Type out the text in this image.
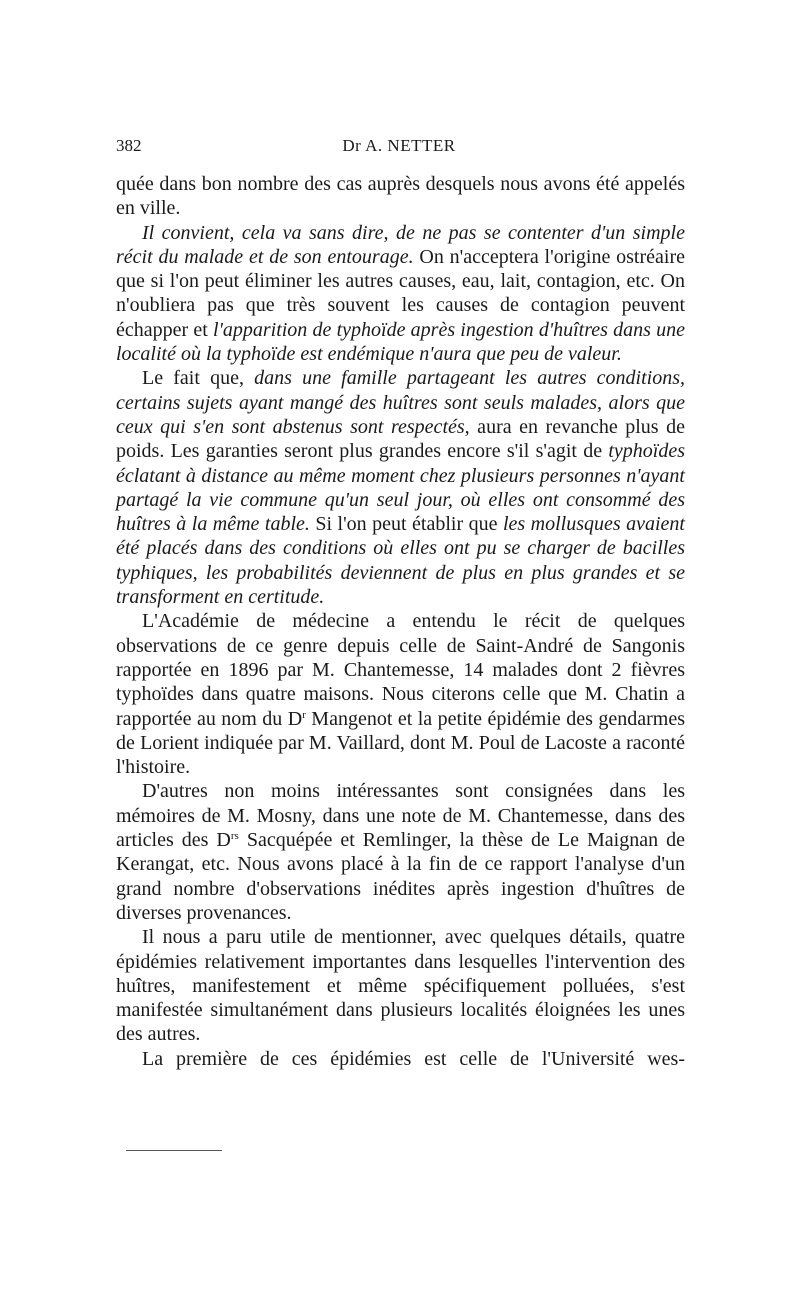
382	Dr A. NETTER

quée dans bon nombre des cas auprès desquels nous avons été appelés en ville.

Il convient, cela va sans dire, de ne pas se contenter d'un simple récit du malade et de son entourage. On n'acceptera l'origine ostréaire que si l'on peut éliminer les autres causes, eau, lait, contagion, etc. On n'oubliera pas que très souvent les causes de contagion peuvent échapper et l'apparition de typhoïde après ingestion d'huîtres dans une localité où la typhoïde est endémique n'aura que peu de valeur.

Le fait que, dans une famille partageant les autres conditions, certains sujets ayant mangé des huîtres sont seuls malades, alors que ceux qui s'en sont abstenus sont respectés, aura en revanche plus de poids. Les garanties seront plus grandes encore s'il s'agit de typhoïdes éclatant à distance au même moment chez plusieurs personnes n'ayant partagé la vie commune qu'un seul jour, où elles ont consommé des huîtres à la même table. Si l'on peut établir que les mollusques avaient été placés dans des conditions où elles ont pu se charger de bacilles typhiques, les probabilités deviennent de plus en plus grandes et se transforment en certitude.

L'Académie de médecine a entendu le récit de quelques observations de ce genre depuis celle de Saint-André de Sangonis rapportée en 1896 par M. Chantemesse, 14 malades dont 2 fièvres typhoïdes dans quatre maisons. Nous citerons celle que M. Chatin a rapportée au nom du $D^r$ Mangenot et la petite épidémie des gendarmes de Lorient indiquée par M. Vaillard, dont M. Poul de Lacoste a raconté l'histoire.

D'autres non moins intéressantes sont consignées dans les mémoires de M. Mosny, dans une note de M. Chantemesse, dans des articles des $D^{rs}$ Sacquépée et Remlinger, la thèse de Le Maignan de Kerangat, etc. Nous avons placé à la fin de ce rapport l'analyse d'un grand nombre d'observations inédites après ingestion d'huîtres de diverses provenances.

Il nous a paru utile de mentionner, avec quelques détails, quatre épidémies relativement importantes dans lesquelles l'intervention des huîtres, manifestement et même spécifiquement polluées, s'est manifestée simultanément dans plusieurs localités éloignées les unes des autres.

La première de ces épidémies est celle de l'Université wes-
